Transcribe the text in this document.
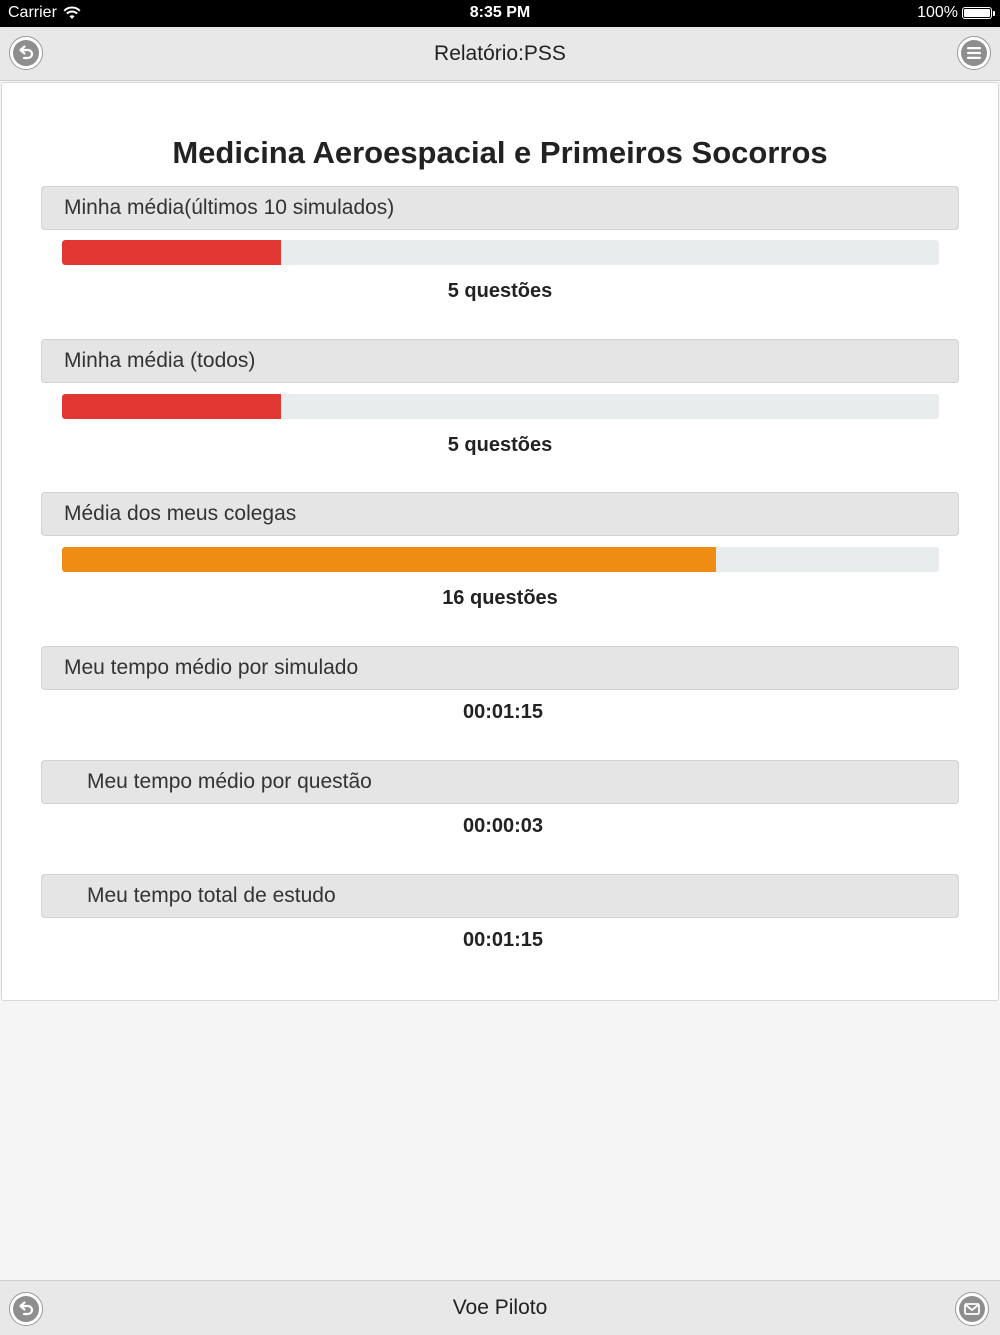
Carrier	8:35 PM	100%
Relatório:PSS
Medicina Aeroespacial e Primeiros Socorros
Minha média(últimos 10 simulados)
5 questões
Minha média (todos)
5 questões
Média dos meus colegas
16 questões
Meu tempo médio por simulado
00:01:15
Meu tempo médio por questão
00:00:03
Meu tempo total de estudo
00:01:15
Voe Piloto
